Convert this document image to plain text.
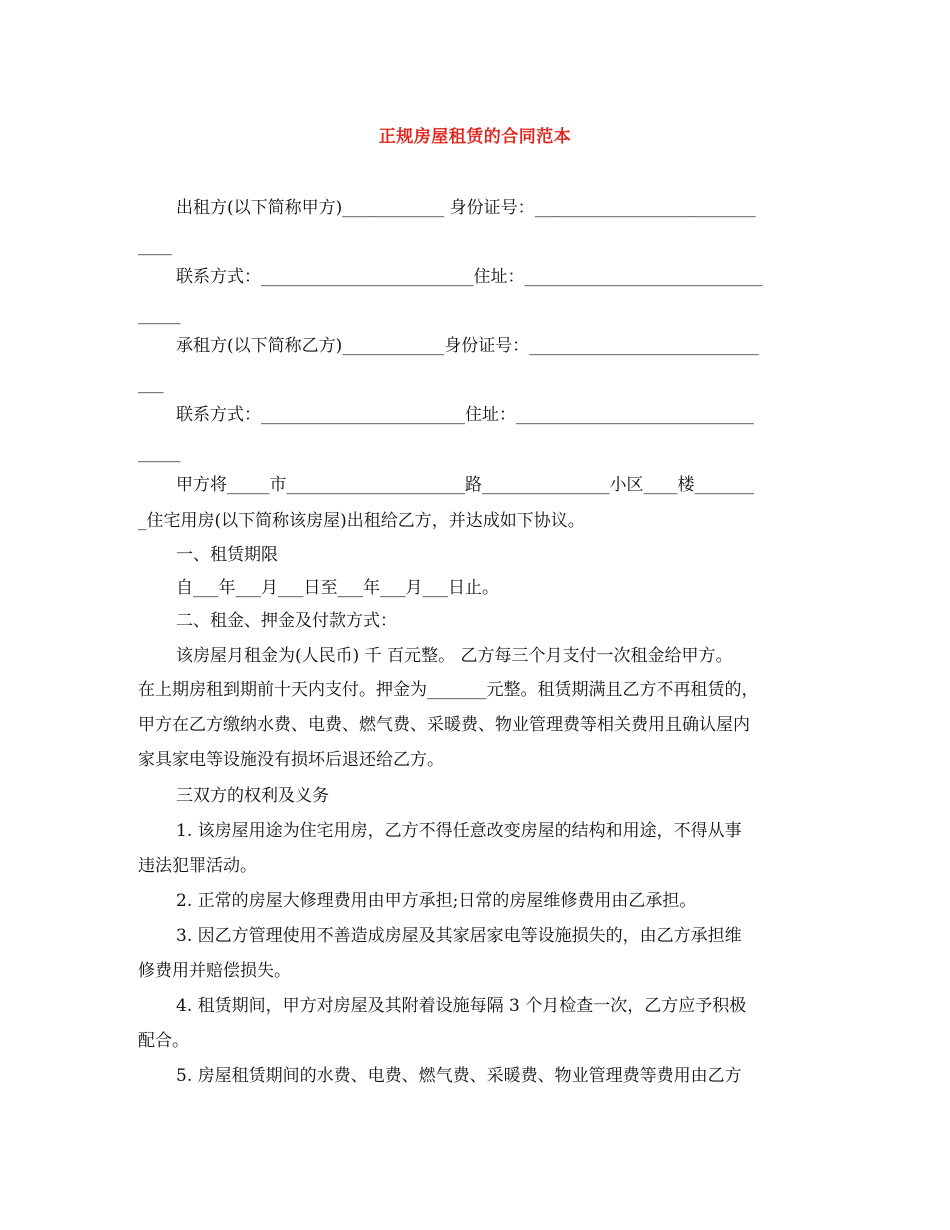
正规房屋租赁的合同范本
出租方(以下简称甲方)____________ 身份证号：__________________________
____
联系方式：_________________________住址：____________________________
_____
承租方(以下简称乙方)____________身份证号：___________________________
___
联系方式：________________________住址：____________________________
_____
甲方将_____市_____________________路_______________小区____楼_______
_住宅用房(以下简称该房屋)出租给乙方，并达成如下协议。
一、租赁期限
自___年___月___日至___年___月___日止。
二、租金、押金及付款方式：
该房屋月租金为(人民币) 千 百元整。 乙方每三个月支付一次租金给甲方。
在上期房租到期前十天内支付。押金为_______元整。租赁期满且乙方不再租赁的，
甲方在乙方缴纳水费、电费、燃气费、采暖费、物业管理费等相关费用且确认屋内
家具家电等设施没有损坏后退还给乙方。
三双方的权利及义务
1. 该房屋用途为住宅用房，乙方不得任意改变房屋的结构和用途，不得从事
违法犯罪活动。
2. 正常的房屋大修理费用由甲方承担;日常的房屋维修费用由乙承担。
3. 因乙方管理使用不善造成房屋及其家居家电等设施损失的，由乙方承担维
修费用并赔偿损失。
4. 租赁期间，甲方对房屋及其附着设施每隔 3 个月检查一次，乙方应予积极
配合。
5. 房屋租赁期间的水费、电费、燃气费、采暖费、物业管理费等费用由乙方
